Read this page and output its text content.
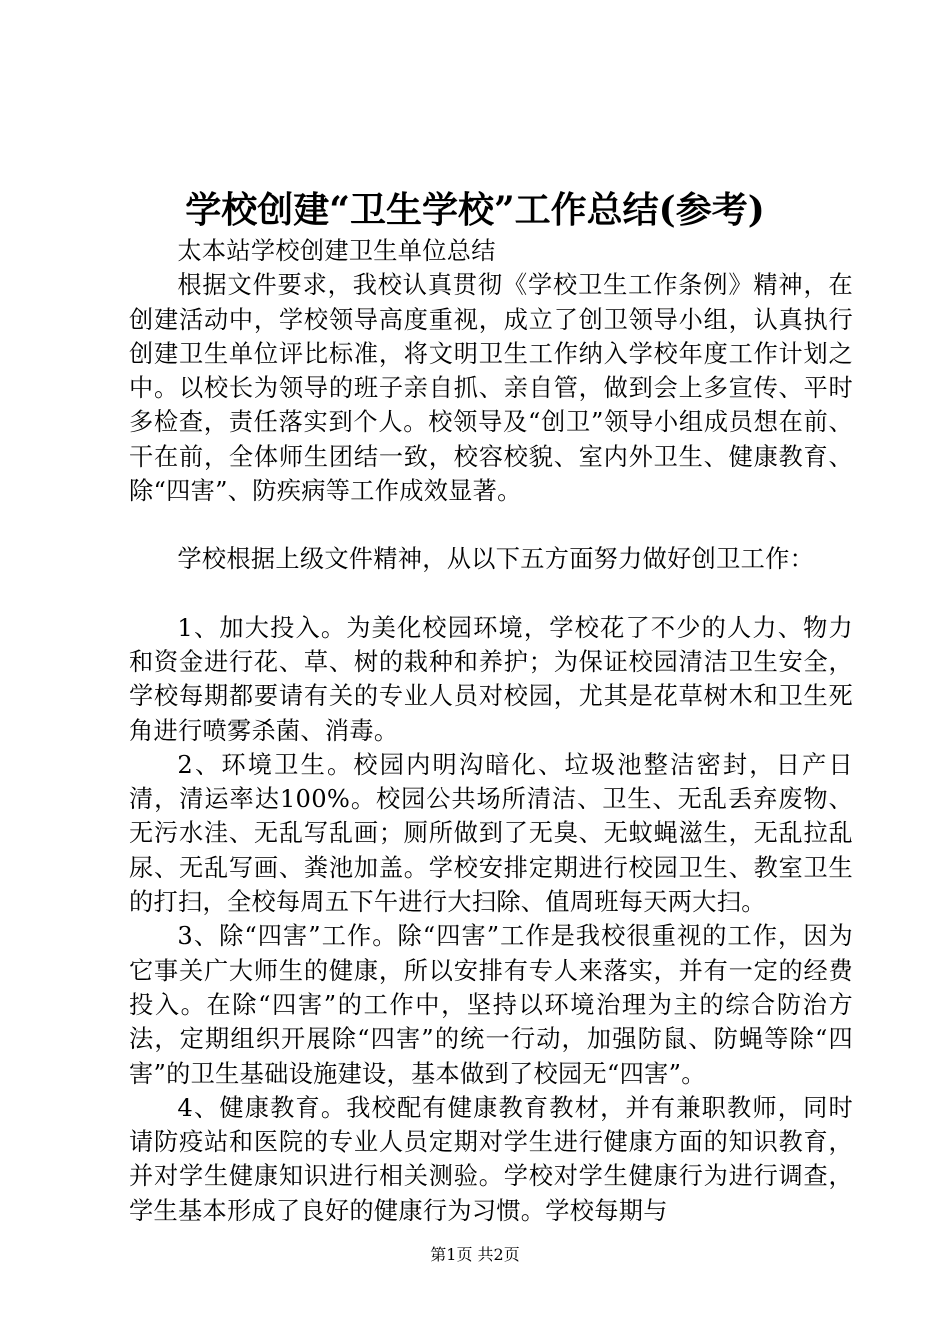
学校创建“卫生学校”工作总结(参考)

太本站学校创建卫生单位总结

根据文件要求，我校认真贯彻《学校卫生工作条例》精神，在创建活动中，学校领导高度重视，成立了创卫领导小组，认真执行创建卫生单位评比标准，将文明卫生工作纳入学校年度工作计划之中。以校长为领导的班子亲自抓、亲自管，做到会上多宣传、平时多检查，责任落实到个人。校领导及“创卫”领导小组成员想在前、干在前，全体师生团结一致，校容校貌、室内外卫生、健康教育、除“四害”、防疾病等工作成效显著。

学校根据上级文件精神，从以下五方面努力做好创卫工作：

1、加大投入。为美化校园环境，学校花了不少的人力、物力和资金进行花、草、树的栽种和养护；为保证校园清洁卫生安全，学校每期都要请有关的专业人员对校园，尤其是花草树木和卫生死角进行喷雾杀菌、消毒。

2、环境卫生。校园内明沟暗化、垃圾池整洁密封，日产日清，清运率达100%。校园公共场所清洁、卫生、无乱丢弃废物、无污水洼、无乱写乱画；厕所做到了无臭、无蚊蝇滋生，无乱拉乱尿、无乱写画、粪池加盖。学校安排定期进行校园卫生、教室卫生的打扫，全校每周五下午进行大扫除、值周班每天两大扫。

3、除“四害”工作。除“四害”工作是我校很重视的工作，因为它事关广大师生的健康，所以安排有专人来落实，并有一定的经费投入。在除“四害”的工作中，坚持以环境治理为主的综合防治方法，定期组织开展除“四害”的统一行动，加强防鼠、防蝇等除“四害”的卫生基础设施建设，基本做到了校园无“四害”。

4、健康教育。我校配有健康教育教材，并有兼职教师，同时请防疫站和医院的专业人员定期对学生进行健康方面的知识教育，并对学生健康知识进行相关测验。学校对学生健康行为进行调查，学生基本形成了良好的健康行为习惯。学校每期与

第1页 共2页
